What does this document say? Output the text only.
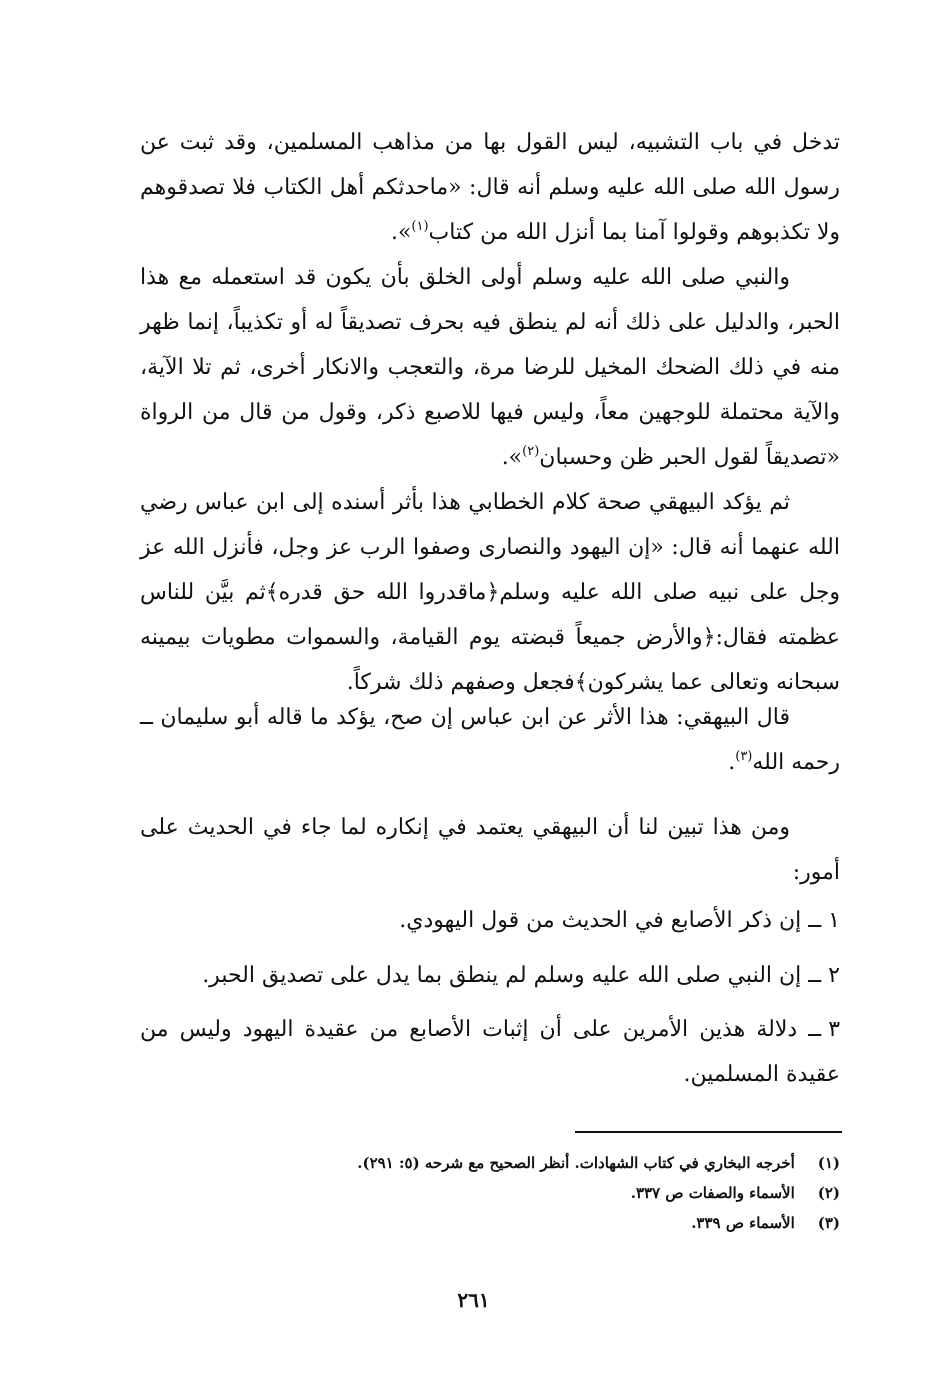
تدخل في باب التشبيه، ليس القول بها من مذاهب المسلمين، وقد ثبت عن رسول الله صلى الله عليه وسلم أنه قال: «ماحدثكم أهل الكتاب فلا تصدقوهم ولا تكذبوهم وقولوا آمنا بما أنزل الله من كتاب$^{(١)}$».
والنبي صلى الله عليه وسلم أولى الخلق بأن يكون قد استعمله مع هذا الحبر، والدليل على ذلك أنه لم ينطق فيه بحرف تصديقاً له أو تكذيباً، إنما ظهر منه في ذلك الضحك المخيل للرضا مرة، والتعجب والانكار أخرى، ثم تلا الآية، والآية محتملة للوجهين معاً، وليس فيها للاصبع ذكر، وقول من قال من الرواة «تصديقاً لقول الحبر ظن وحسبان$^{(٢)}$».
ثم يؤكد البيهقي صحة كلام الخطابي هذا بأثر أسنده إلى ابن عباس رضي الله عنهما أنه قال: «إن اليهود والنصارى وصفوا الرب عز وجل، فأنزل الله عز وجل على نبيه صلى الله عليه وسلم﴿ماقدروا الله حق قدره﴾ثم بيَّن للناس عظمته فقال:﴿والأرض جميعاً قبضته يوم القيامة، والسموات مطويات بيمينه سبحانه وتعالى عما يشركون﴾فجعل وصفهم ذلك شركاً.
قال البيهقي: هذا الأثر عن ابن عباس إن صح، يؤكد ما قاله أبو سليمان ــ رحمه الله$^{(٣)}$.
ومن هذا تبين لنا أن البيهقي يعتمد في إنكاره لما جاء في الحديث على أمور:
١ ــ إن ذكر الأصابع في الحديث من قول اليهودي.
٢ ــ إن النبي صلى الله عليه وسلم لم ينطق بما يدل على تصديق الحبر.
٣ ــ دلالة هذين الأمرين على أن إثبات الأصابع من عقيدة اليهود وليس من عقيدة المسلمين.
(١) أخرجه البخاري في كتاب الشهادات. أنظر الصحيح مع شرحه (٥: ٢٩١).
(٢) الأسماء والصفات ص ٣٣٧.
(٣) الأسماء ص ٣٣٩.
٢٦١
